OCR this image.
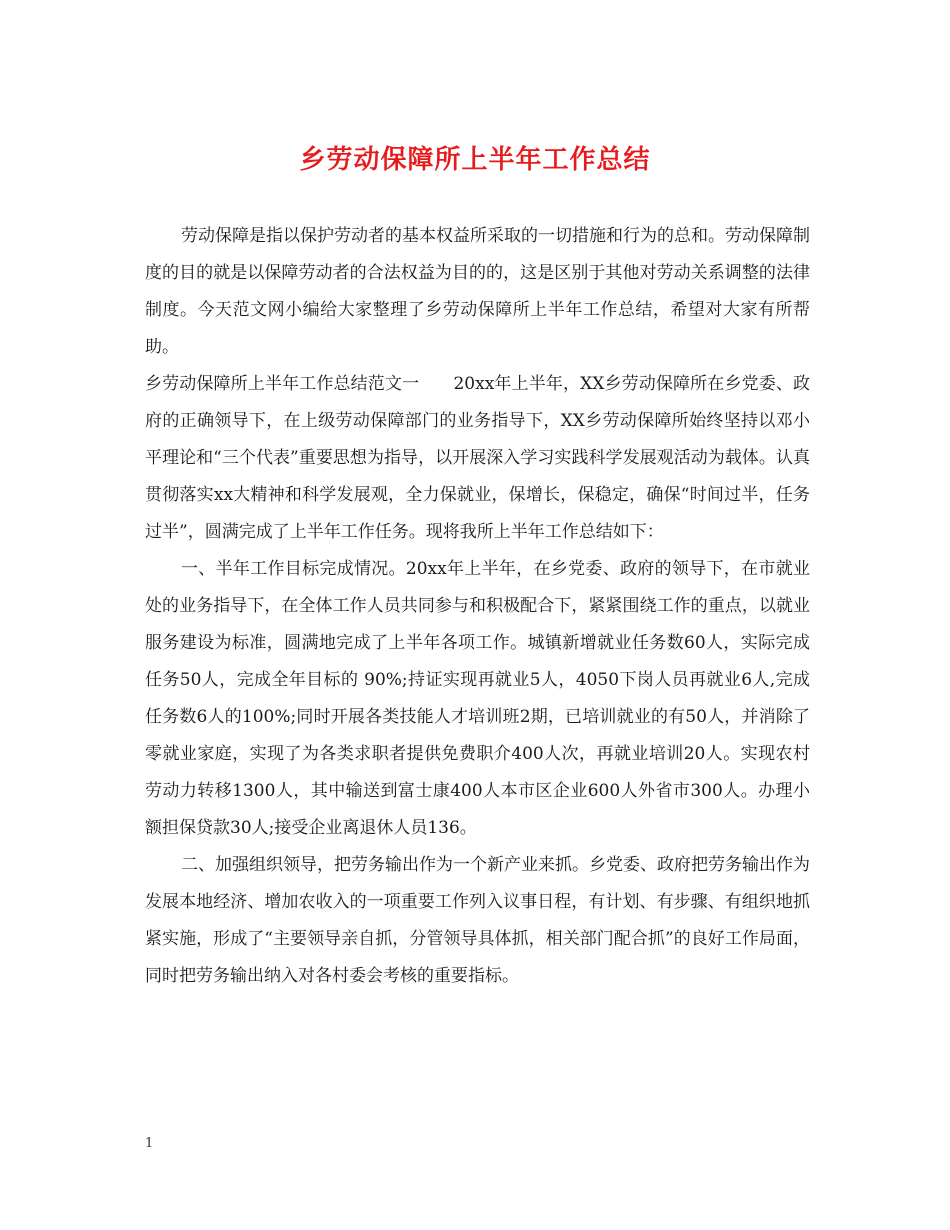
乡劳动保障所上半年工作总结

劳动保障是指以保护劳动者的基本权益所采取的一切措施和行为的总和。劳动保障制度的目的就是以保障劳动者的合法权益为目的的，这是区别于其他对劳动关系调整的法律制度。今天范文网小编给大家整理了乡劳动保障所上半年工作总结，希望对大家有所帮助。

乡劳动保障所上半年工作总结范文一　　20xx年上半年，XX乡劳动保障所在乡党委、政府的正确领导下，在上级劳动保障部门的业务指导下，XX乡劳动保障所始终坚持以邓小平理论和“三个代表”重要思想为指导，以开展深入学习实践科学发展观活动为载体。认真贯彻落实xx大精神和科学发展观，全力保就业，保增长，保稳定，确保“时间过半，任务过半”，圆满完成了上半年工作任务。现将我所上半年工作总结如下：

一、半年工作目标完成情况。20xx年上半年，在乡党委、政府的领导下，在市就业处的业务指导下，在全体工作人员共同参与和积极配合下，紧紧围绕工作的重点，以就业服务建设为标准，圆满地完成了上半年各项工作。城镇新增就业任务数60人，实际完成任务50人，完成全年目标的 90%;持证实现再就业5人，4050下岗人员再就业6人,完成任务数6人的100%;同时开展各类技能人才培训班2期，已培训就业的有50人，并消除了零就业家庭，实现了为各类求职者提供免费职介400人次，再就业培训20人。实现农村劳动力转移1300人，其中输送到富士康400人本市区企业600人外省市300人。办理小额担保贷款30人;接受企业离退休人员136。

二、加强组织领导，把劳务输出作为一个新产业来抓。乡党委、政府把劳务输出作为发展本地经济、增加农收入的一项重要工作列入议事日程，有计划、有步骤、有组织地抓紧实施，形成了“主要领导亲自抓，分管领导具体抓，相关部门配合抓”的良好工作局面，同时把劳务输出纳入对各村委会考核的重要指标。

1
